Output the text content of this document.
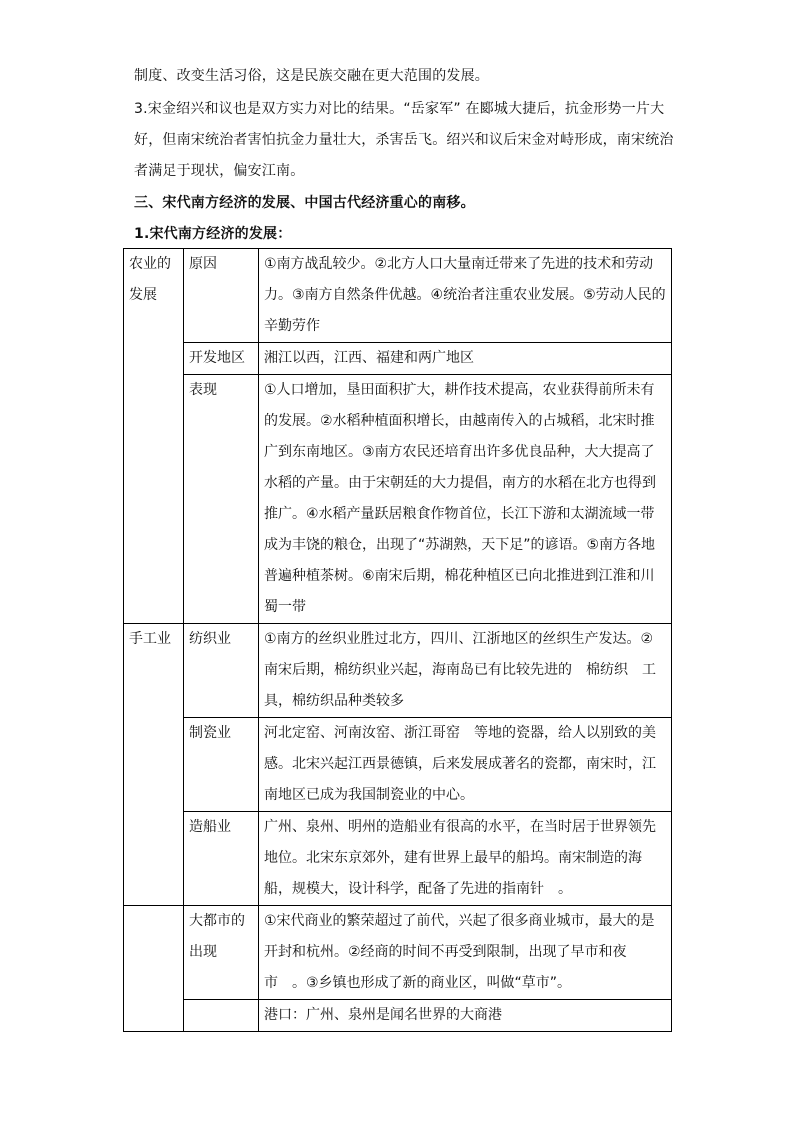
制度、改变生活习俗，这是民族交融在更大范围的发展。
3.宋金绍兴和议也是双方实力对比的结果。“岳家军” 在郾城大捷后，抗金形势一片大
好，但南宋统治者害怕抗金力量壮大，杀害岳飞。绍兴和议后宋金对峙形成，南宋统治
者满足于现状，偏安江南。
三、宋代南方经济的发展、中国古代经济重心的南移。
1.宋代南方经济的发展：
农业的发展	原因	①南方战乱较少。②北方人口大量南迁带来了先进的技术和劳动力。③南方自然条件优越。④统治者注重农业发展。⑤劳动人民的辛勤劳作
	开发地区	湘江以西，江西、福建和两广地区
	表现	①人口增加，垦田面积扩大，耕作技术提高，农业获得前所未有的发展。②水稻种植面积增长，由越南传入的占城稻，北宋时推广到东南地区。③南方农民还培育出许多优良品种，大大提高了水稻的产量。由于宋朝廷的大力提倡，南方的水稻在北方也得到推广。④水稻产量跃居粮食作物首位，长江下游和太湖流域一带成为丰饶的粮仓，出现了“苏湖熟，天下足”的谚语。⑤南方各地普遍种植茶树。⑥南宋后期，棉花种植区已向北推进到江淮和川蜀一带
手工业	纺织业	①南方的丝织业胜过北方，四川、江浙地区的丝织生产发达。②南宋后期，棉纺织业兴起，海南岛已有比较先进的　棉纺织　工具，棉纺织品种类较多
	制瓷业	河北定窑、河南汝窑、浙江哥窑　等地的瓷器，给人以别致的美感。北宋兴起江西景德镇，后来发展成著名的瓷都，南宋时，江南地区已成为我国制瓷业的中心。
	造船业	广州、泉州、明州的造船业有很高的水平，在当时居于世界领先地位。北宋东京郊外，建有世界上最早的船坞。南宋制造的海船，规模大，设计科学，配备了先进的指南针　。
	大都市的出现	①宋代商业的繁荣超过了前代，兴起了很多商业城市，最大的是开封和杭州。②经商的时间不再受到限制，出现了早市和夜市　。③乡镇也形成了新的商业区，叫做“草市”。
		港口：广州、泉州是闻名世界的大商港
